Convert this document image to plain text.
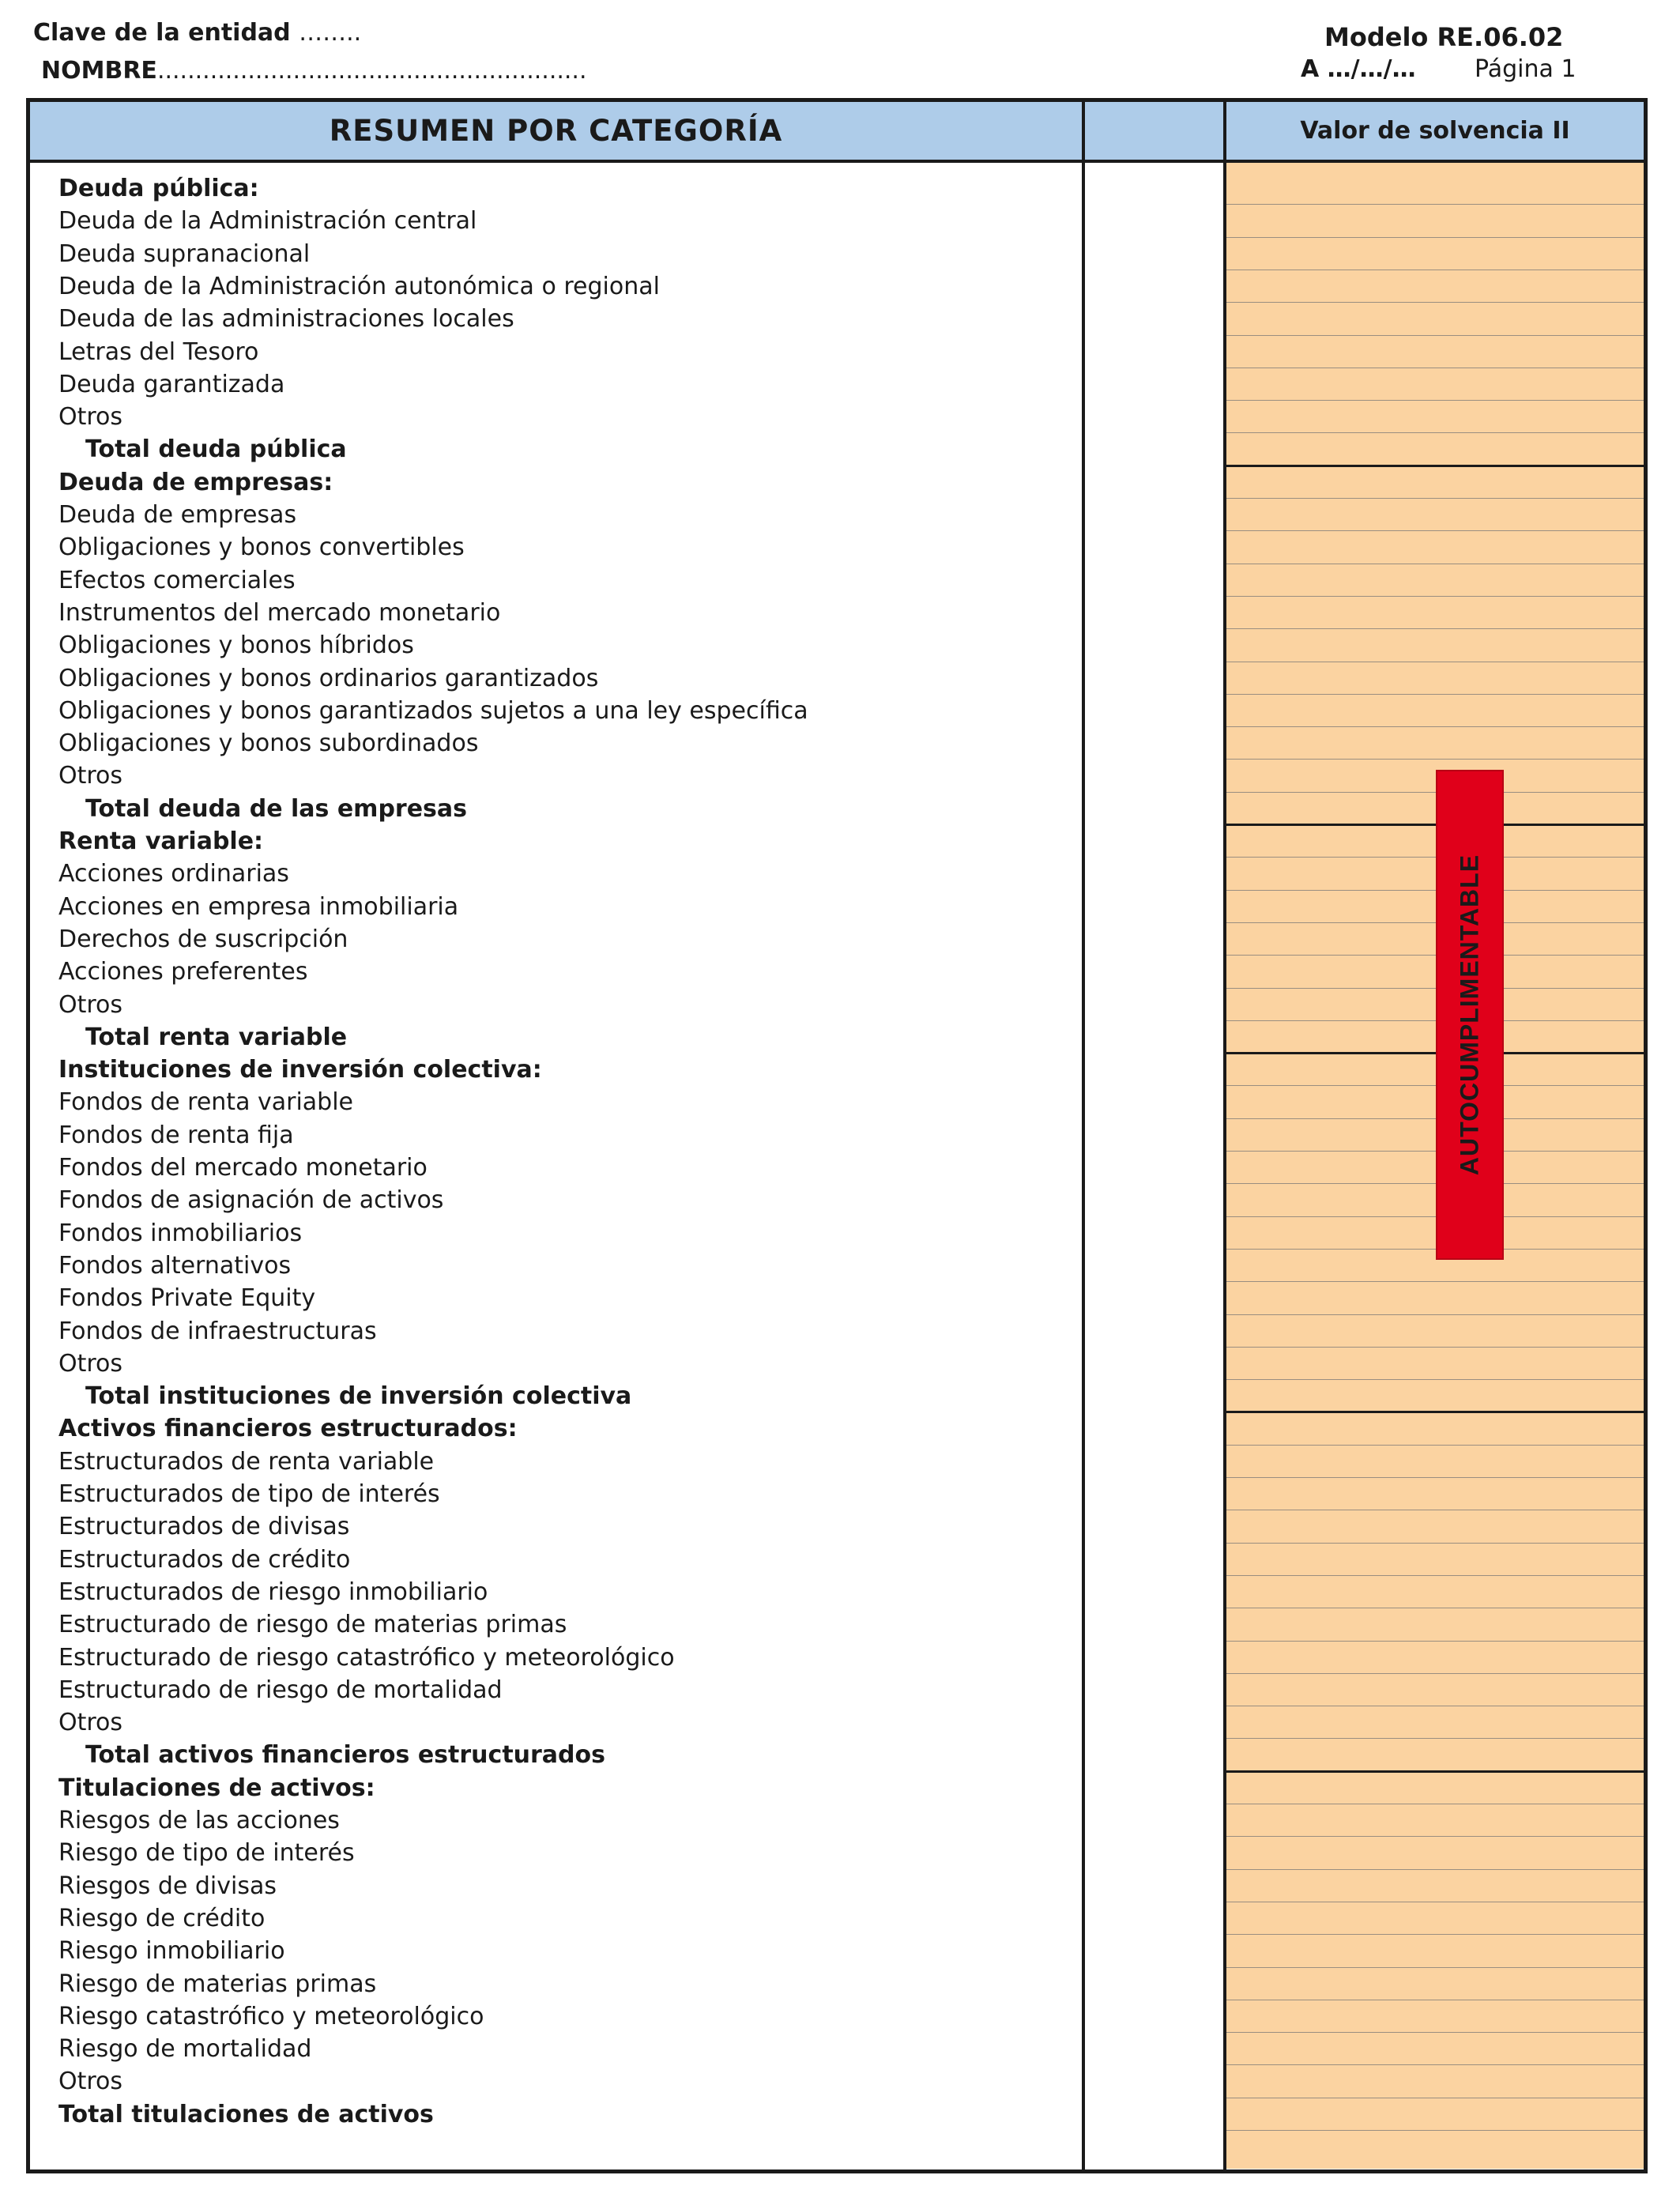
Clave de la entidad ……..
NOMBRE.........................................................
Modelo RE.06.02
A …/…/… Página 1
RESUMEN POR CATEGORÍA	Valor de solvencia II
Deuda pública:
Deuda de la Administración central
Deuda supranacional
Deuda de la Administración autonómica o regional
Deuda de las administraciones locales
Letras del Tesoro
Deuda garantizada
Otros
Total deuda pública
Deuda de empresas:
Deuda de empresas
Obligaciones y bonos convertibles
Efectos comerciales
Instrumentos del mercado monetario
Obligaciones y bonos híbridos
Obligaciones y bonos ordinarios garantizados
Obligaciones y bonos garantizados sujetos a una ley específica
Obligaciones y bonos subordinados
Otros
Total deuda de las empresas
Renta variable:
Acciones ordinarias
Acciones en empresa inmobiliaria
Derechos de suscripción
Acciones preferentes
Otros
Total renta variable
Instituciones de inversión colectiva:
Fondos de renta variable
Fondos de renta fija
Fondos del mercado monetario
Fondos de asignación de activos
Fondos inmobiliarios
Fondos alternativos
Fondos Private Equity
Fondos de infraestructuras
Otros
Total instituciones de inversión colectiva
Activos financieros estructurados:
Estructurados de renta variable
Estructurados de tipo de interés
Estructurados de divisas
Estructurados de crédito
Estructurados de riesgo inmobiliario
Estructurado de riesgo de materias primas
Estructurado de riesgo catastrófico y meteorológico
Estructurado de riesgo de mortalidad
Otros
Total activos financieros estructurados
Titulaciones de activos:
Riesgos de las acciones
Riesgo de tipo de interés
Riesgos de divisas
Riesgo de crédito
Riesgo inmobiliario
Riesgo de materias primas
Riesgo catastrófico y meteorológico
Riesgo de mortalidad
Otros
Total titulaciones de activos
AUTOCUMPLIMENTABLE
